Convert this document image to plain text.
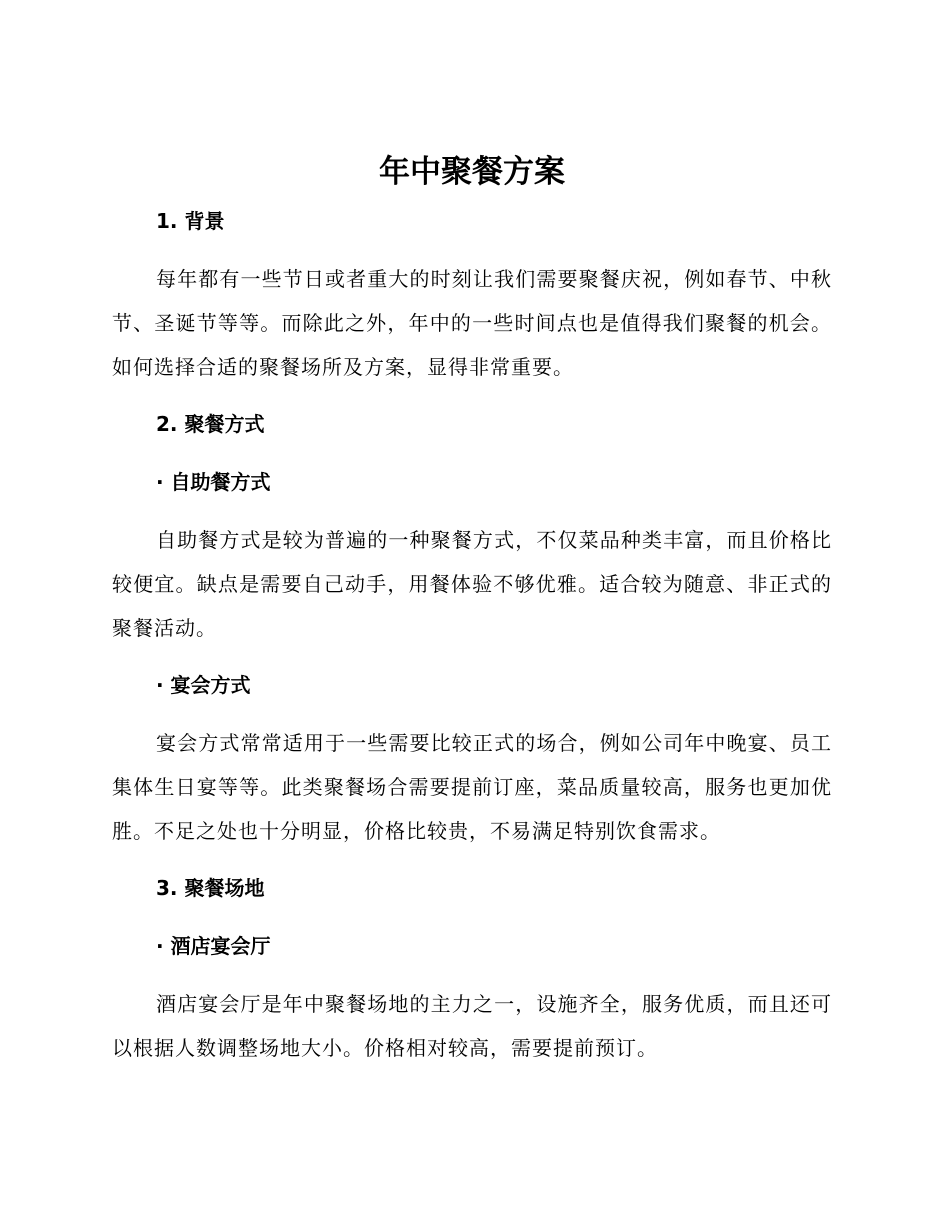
年中聚餐方案
1. 背景

每年都有一些节日或者重大的时刻让我们需要聚餐庆祝，例如春节、中秋节、圣诞节等等。而除此之外，年中的一些时间点也是值得我们聚餐的机会。如何选择合适的聚餐场所及方案，显得非常重要。

2. 聚餐方式
· 自助餐方式

自助餐方式是较为普遍的一种聚餐方式，不仅菜品种类丰富，而且价格比较便宜。缺点是需要自己动手，用餐体验不够优雅。适合较为随意、非正式的聚餐活动。

· 宴会方式

宴会方式常常适用于一些需要比较正式的场合，例如公司年中晚宴、员工集体生日宴等等。此类聚餐场合需要提前订座，菜品质量较高，服务也更加优胜。不足之处也十分明显，价格比较贵，不易满足特别饮食需求。

3. 聚餐场地
· 酒店宴会厅

酒店宴会厅是年中聚餐场地的主力之一，设施齐全，服务优质，而且还可以根据人数调整场地大小。价格相对较高，需要提前预订。
